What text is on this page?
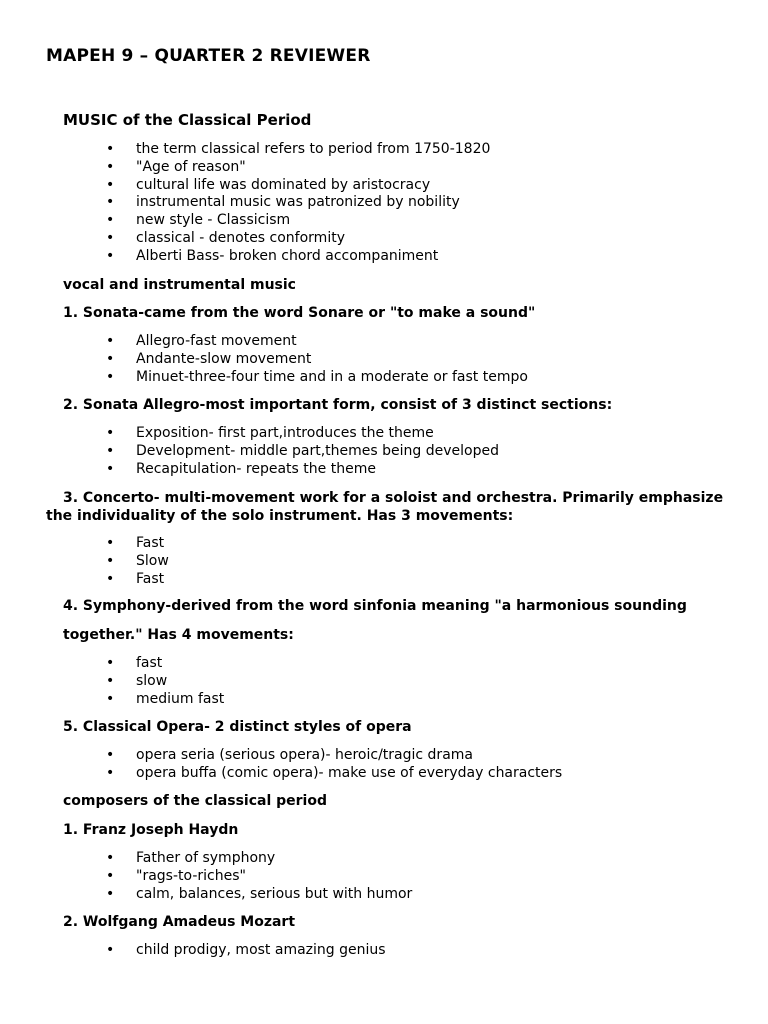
MAPEH 9 – QUARTER 2 REVIEWER
MUSIC of the Classical Period
• the term classical refers to period from 1750-1820
• "Age of reason"
• cultural life was dominated by aristocracy
• instrumental music was patronized by nobility
• new style - Classicism
• classical - denotes conformity
• Alberti Bass- broken chord accompaniment
vocal and instrumental music
1. Sonata-came from the word Sonare or "to make a sound"
• Allegro-fast movement
• Andante-slow movement
• Minuet-three-four time and in a moderate or fast tempo
2. Sonata Allegro-most important form, consist of 3 distinct sections:
• Exposition- first part,introduces the theme
• Development- middle part,themes being developed
• Recapitulation- repeats the theme
3. Concerto- multi-movement work for a soloist and orchestra. Primarily emphasize the individuality of the solo instrument. Has 3 movements:
• Fast
• Slow
• Fast
4. Symphony-derived from the word sinfonia meaning "a harmonious sounding
together." Has 4 movements:
• fast
• slow
• medium fast
5. Classical Opera- 2 distinct styles of opera
• opera seria (serious opera)- heroic/tragic drama
• opera buffa (comic opera)- make use of everyday characters
composers of the classical period
1. Franz Joseph Haydn
• Father of symphony
• "rags-to-riches"
• calm, balances, serious but with humor
2. Wolfgang Amadeus Mozart
• child prodigy, most amazing genius
